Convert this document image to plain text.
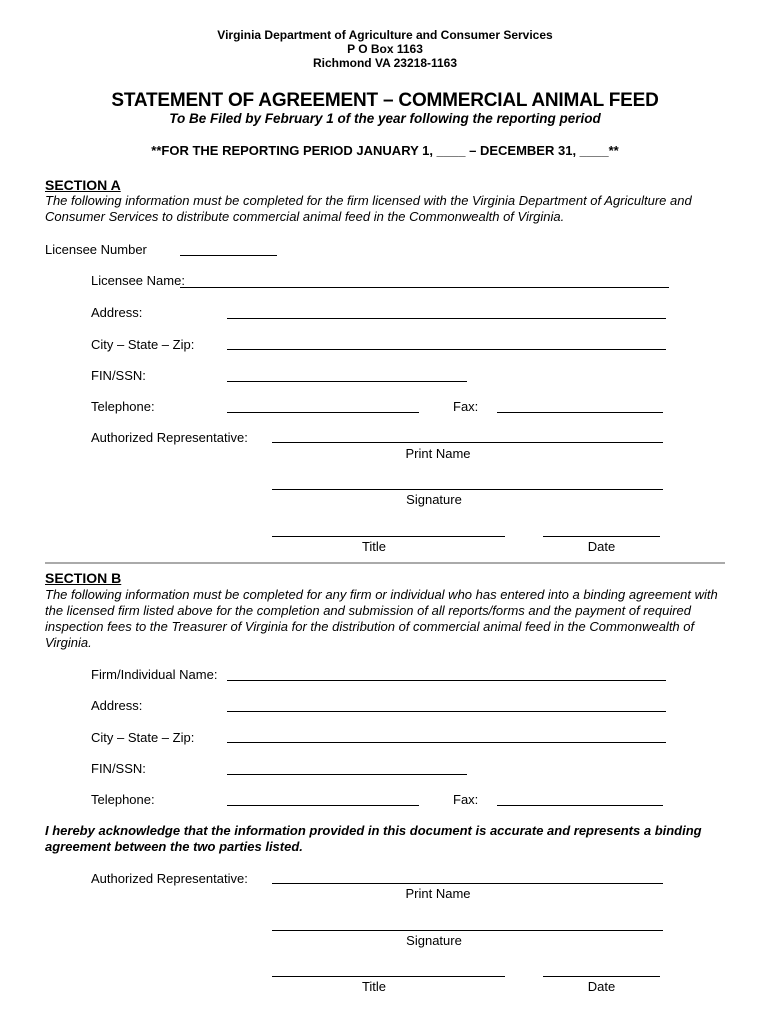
Virginia Department of Agriculture and Consumer Services
P O Box 1163
Richmond VA 23218-1163
STATEMENT OF AGREEMENT – COMMERCIAL ANIMAL FEED
To Be Filed by February 1 of the year following the reporting period
**FOR THE REPORTING PERIOD JANUARY 1, ____ – DECEMBER 31, ____**
SECTION A
The following information must be completed for the firm licensed with the Virginia Department of Agriculture and Consumer Services to distribute commercial animal feed in the Commonwealth of Virginia.
Licensee Number
Licensee Name:
Address:
City – State – Zip:
FIN/SSN:
Telephone:	Fax:
Authorized Representative:
Print Name
Signature
Title	Date
SECTION B
The following information must be completed for any firm or individual who has entered into a binding agreement with the licensed firm listed above for the completion and submission of all reports/forms and the payment of required inspection fees to the Treasurer of Virginia for the distribution of commercial animal feed in the Commonwealth of Virginia.
Firm/Individual Name:
Address:
City – State – Zip:
FIN/SSN:
Telephone:	Fax:
I hereby acknowledge that the information provided in this document is accurate and represents a binding agreement between the two parties listed.
Authorized Representative:
Print Name
Signature
Title	Date
